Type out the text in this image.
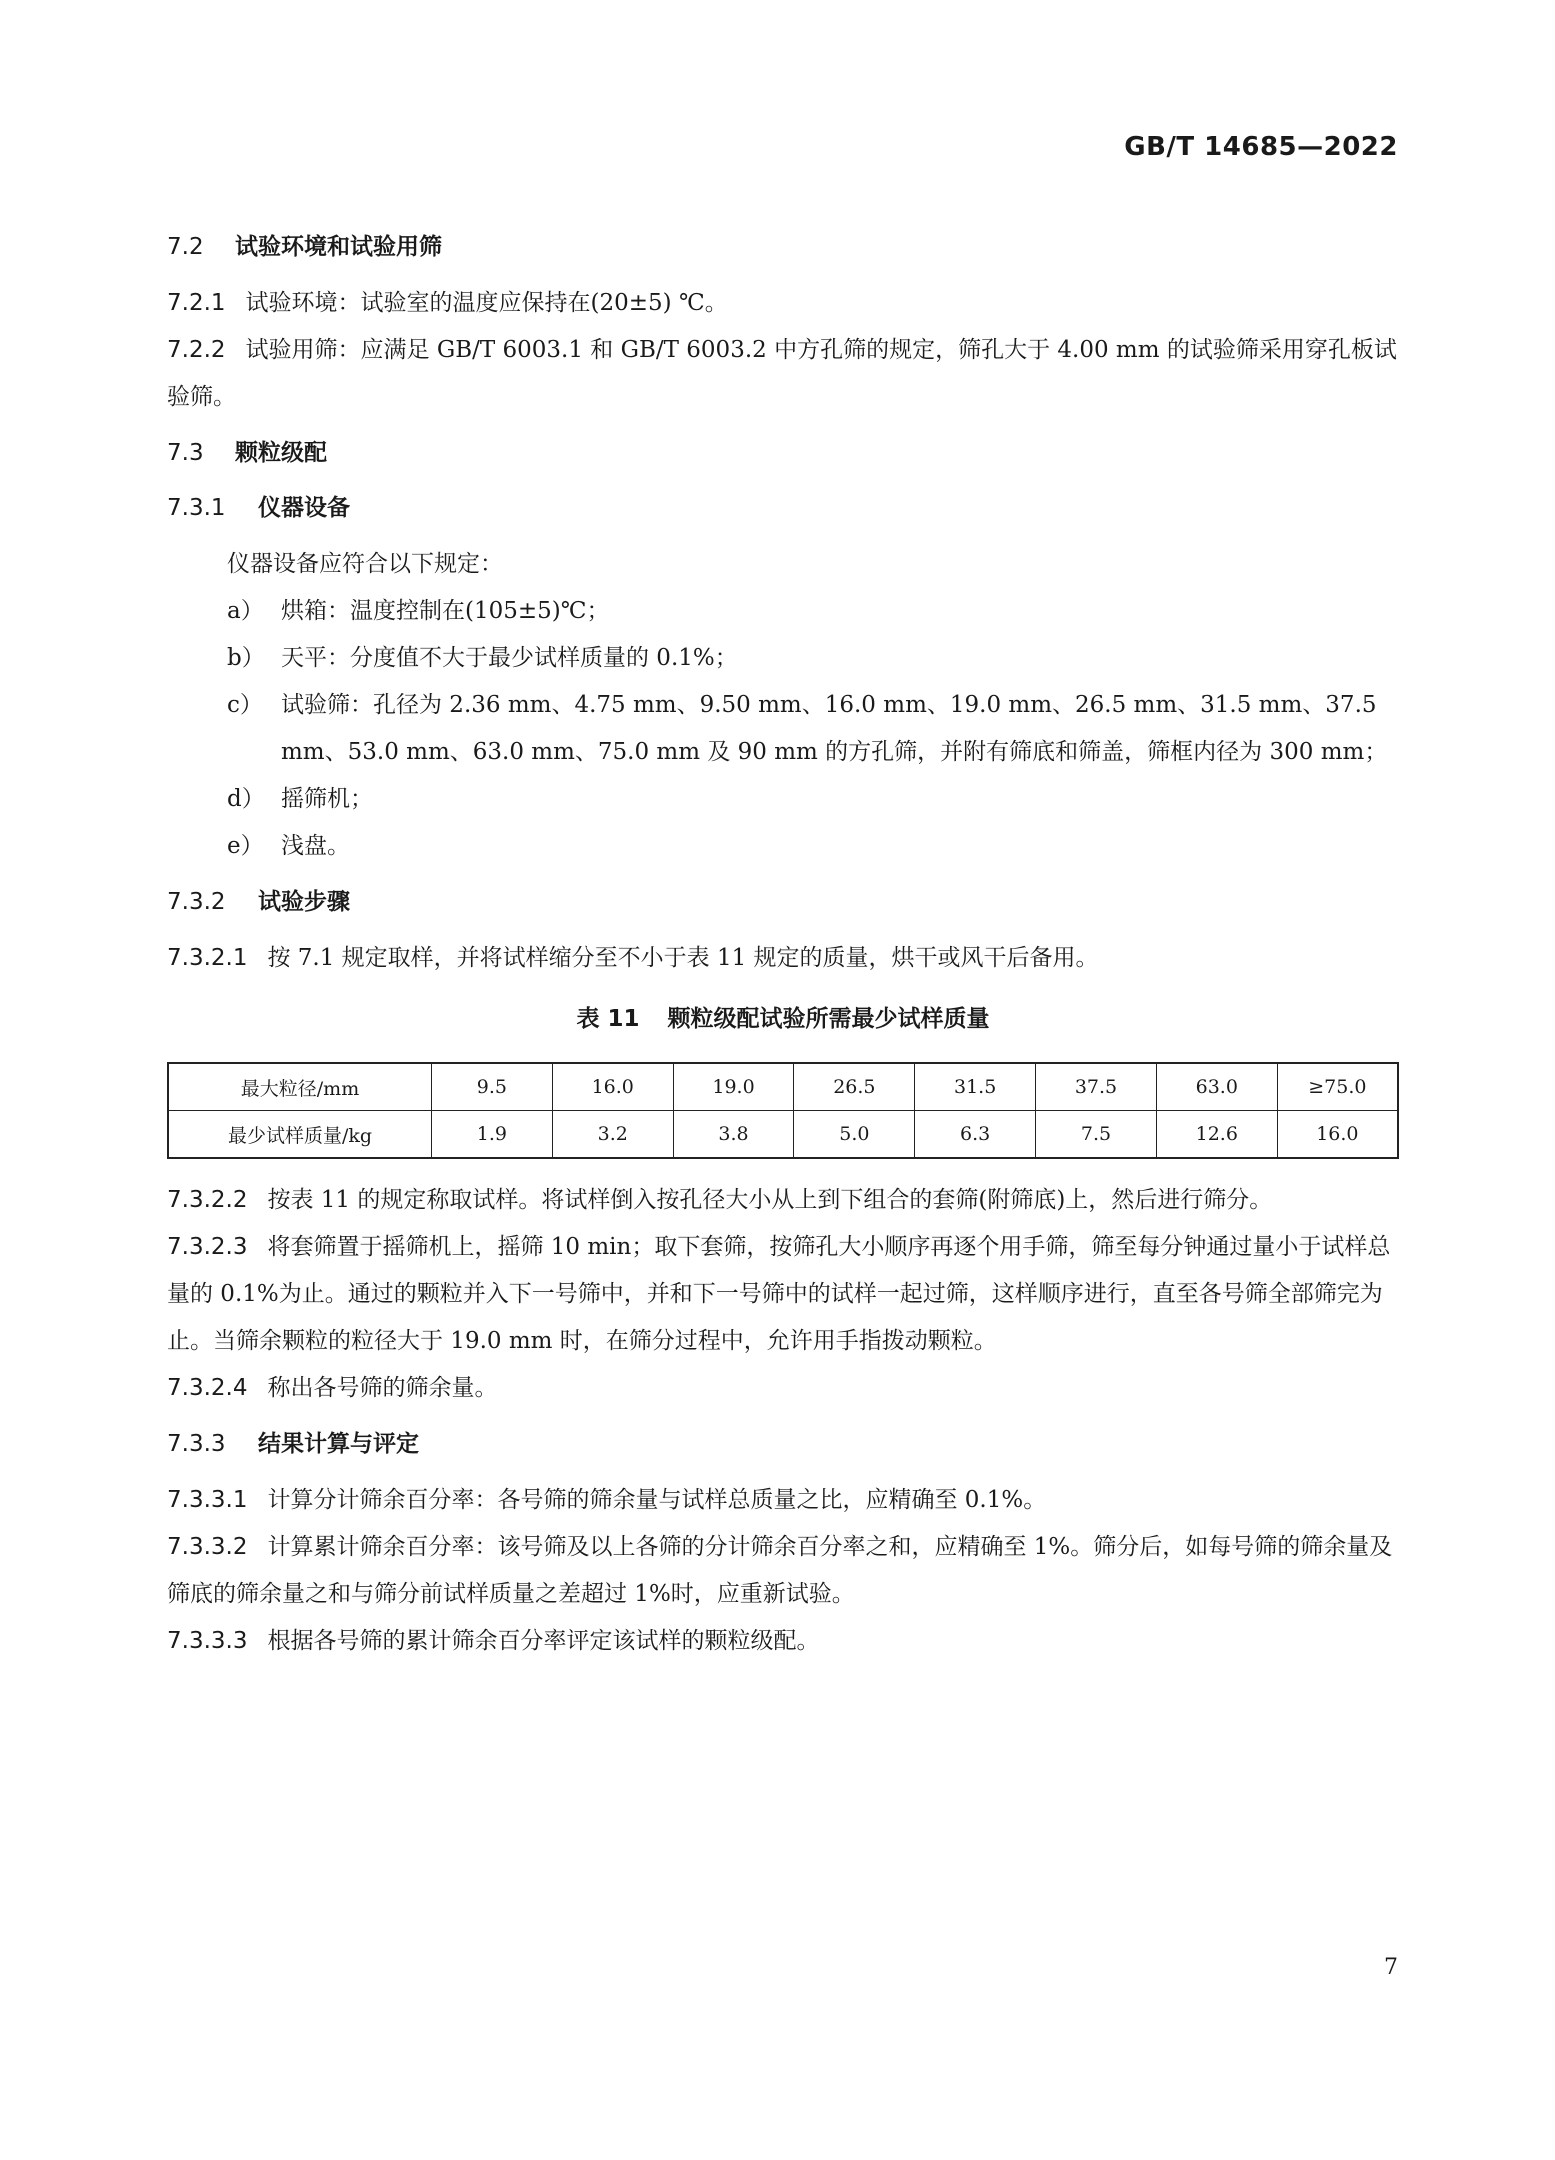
GB/T 14685—2022
7.2 试验环境和试验用筛

7.2.1 试验环境：试验室的温度应保持在(20±5) ℃。

7.2.2 试验用筛：应满足 GB/T 6003.1 和 GB/T 6003.2 中方孔筛的规定，筛孔大于 4.00 mm 的试验筛采用穿孔板试验筛。

7.3 颗粒级配
7.3.1 仪器设备

仪器设备应符合以下规定：

a） 烘箱：温度控制在(105±5)℃；

b） 天平：分度值不大于最少试样质量的 0.1%；

c） 试验筛：孔径为 2.36 mm、4.75 mm、9.50 mm、16.0 mm、19.0 mm、26.5 mm、31.5 mm、37.5 mm、53.0 mm、63.0 mm、75.0 mm 及 90 mm 的方孔筛，并附有筛底和筛盖，筛框内径为 300 mm；

d） 摇筛机；

e） 浅盘。

7.3.2 试验步骤

7.3.2.1 按 7.1 规定取样，并将试样缩分至不小于表 11 规定的质量，烘干或风干后备用。

表 11 颗粒级配试验所需最少试样质量
最大粒径/mm	9.5	16.0	19.0	26.5	31.5	37.5	63.0	≥75.0
最少试样质量/kg	1.9	3.2	3.8	5.0	6.3	7.5	12.6	16.0

7.3.2.2 按表 11 的规定称取试样。将试样倒入按孔径大小从上到下组合的套筛(附筛底)上，然后进行筛分。

7.3.2.3 将套筛置于摇筛机上，摇筛 10 min；取下套筛，按筛孔大小顺序再逐个用手筛，筛至每分钟通过量小于试样总量的 0.1%为止。通过的颗粒并入下一号筛中，并和下一号筛中的试样一起过筛，这样顺序进行，直至各号筛全部筛完为止。当筛余颗粒的粒径大于 19.0 mm 时，在筛分过程中，允许用手指拨动颗粒。

7.3.2.4 称出各号筛的筛余量。

7.3.3 结果计算与评定

7.3.3.1 计算分计筛余百分率：各号筛的筛余量与试样总质量之比，应精确至 0.1%。

7.3.3.2 计算累计筛余百分率：该号筛及以上各筛的分计筛余百分率之和，应精确至 1%。筛分后，如每号筛的筛余量及筛底的筛余量之和与筛分前试样质量之差超过 1%时，应重新试验。

7.3.3.3 根据各号筛的累计筛余百分率评定该试样的颗粒级配。

7
